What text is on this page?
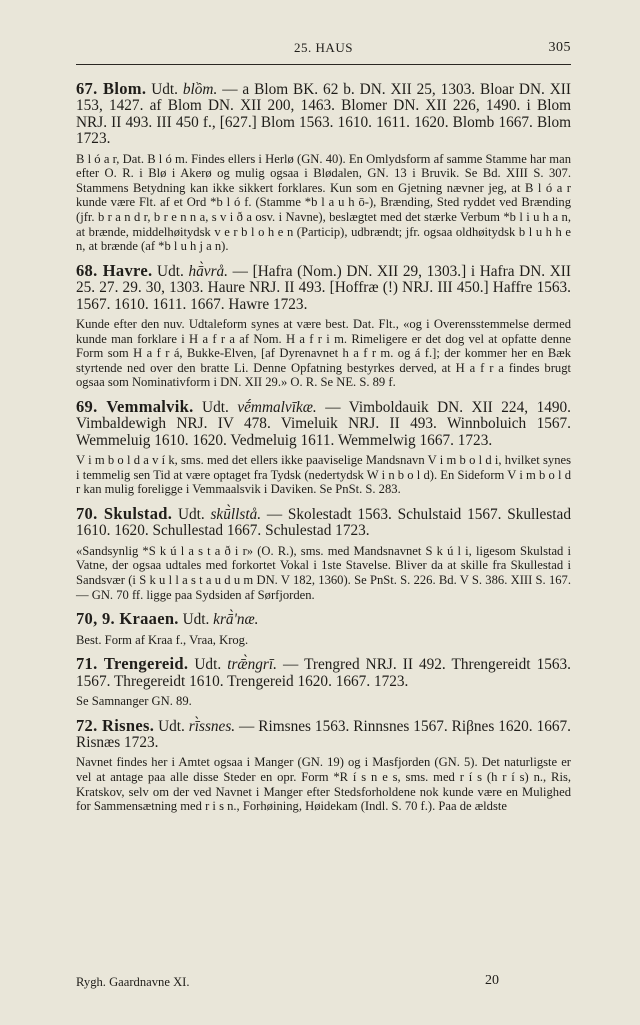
25. HAUS	305

67. Blom. Udt. blồm. — a Blom BK. 62 b. DN. XII 25, 1303. Bloar DN. XII 153, 1427. af Blom DN. XII 200, 1463. Blomer DN. XII 226, 1490. i Blom NRJ. II 493. III 450 f., [627.] Blom 1563. 1610. 1611. 1620. Blomb 1667. Blom 1723.

B l ó a r, Dat. B l ó m. Findes ellers i Herlø (GN. 40). En Omlydsform af samme Stamme har man efter O. R. i Blø i Akerø og mulig ogsaa i Blødalen, GN. 13 i Bruvik. Se Bd. XIII S. 307. Stammens Betydning kan ikke sikkert forklares. Kun som en Gjetning nævner jeg, at B l ó a r kunde være Flt. af et Ord *b l ó f. (Stamme *b l a u h ō-), Brænding, Sted ryddet ved Brænding (jfr. b r a n d r, b r e n n a, s v i ð a osv. i Navne), beslægtet med det stærke Verbum *b l i u h a n, at brænde, middelhøitydsk v e r b l o h e n (Particip), udbrændt; jfr. ogsaa oldhøitydsk b l u h h e n, at brænde (af *b l u h j a n).

68. Havre. Udt. hā̀vrå. — [Hafra (Nom.) DN. XII 29, 1303.] i Hafra DN. XII 25. 27. 29. 30, 1303. Haure NRJ. II 493. [Hoffræ (!) NRJ. III 450.] Haffre 1563. 1567. 1610. 1611. 1667. Hawre 1723.

Kunde efter den nuv. Udtaleform synes at være best. Dat. Flt., «og i Overensstemmelse dermed kunde man forklare i H a f r a af Nom. H a f r i m. Rimeligere er det dog vel at opfatte denne Form som H a f r á, Bukke-Elven, [af Dyrenavnet h a f r m. og á f.]; der kommer her en Bæk styrtende ned over den bratte Li. Denne Opfatning bestyrkes derved, at H a f r a findes brugt ogsaa som Nominativform i DN. XII 29.» O. R. Se NE. S. 89 f.

69. Vemmalvik. Udt. vḗmmalvīkæ. — Vimboldauik DN. XII 224, 1490. Vimbaldewigh NRJ. IV 478. Vimeluik NRJ. II 493. Winnboluich 1567. Wemmeluig 1610. 1620. Vedmeluig 1611. Wemmelwig 1667. 1723.

V i m b o l d a v í k, sms. med det ellers ikke paaviselige Mandsnavn V i m b o l d i, hvilket synes i temmelig sen Tid at være optaget fra Tydsk (nedertydsk W i n b o l d). En Sideform V i m b o l d r kan mulig foreligge i Vemmaalsvik i Daviken. Se PnSt. S. 283.

70. Skulstad. Udt. skū̀llstå. — Skolestadt 1563. Schulstaid 1567. Skullestad 1610. 1620. Schullestad 1667. Schulestad 1723.

«Sandsynlig *S k ú l a s t a ð i r» (O. R.), sms. med Mandsnavnet S k ú l i, ligesom Skulstad i Vatne, der ogsaa udtales med forkortet Vokal i 1ste Stavelse. Bliver da at skille fra Skullestad i Sandsvær (i S k u l l a s t a u d u m DN. V 182, 1360). Se PnSt. S. 226. Bd. V S. 386. XIII S. 167. — GN. 70 ff. ligge paa Sydsiden af Sørfjorden.

70, 9. Kraaen. Udt. krā̀'næ.

Best. Form af Kraa f., Vraa, Krog.

71. Trengereid. Udt. trǣ̀ngrī. — Trengred NRJ. II 492. Threngereidt 1563. 1567. Thregereidt 1610. Trengereid 1620. 1667. 1723.

Se Samnanger GN. 89.

72. Risnes. Udt. rī̀ssnes. — Rimsnes 1563. Rinnsnes 1567. Riβnes 1620. 1667. Risnæs 1723.

Navnet findes her i Amtet ogsaa i Manger (GN. 19) og i Masfjorden (GN. 5). Det naturligste er vel at antage paa alle disse Steder en opr. Form *R í s n e s, sms. med r í s (h r í s) n., Ris, Kratskov, selv om der ved Navnet i Manger efter Stedsforholdene nok kunde være en Mulighed for Sammensætning med r i s n., Forhøining, Høidekam (Indl. S. 70 f.). Paa de ældste

Rygh. Gaardnavne XI.	20
